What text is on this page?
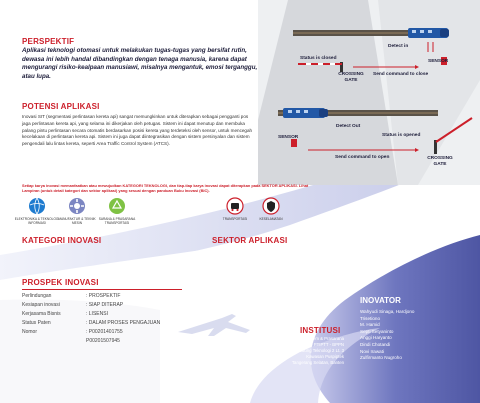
Detect in
Status is closed
SENSOR
CROSSING GATE
Send command to close
Detect Out
SENSOR	Status is opened
Send command to open	CROSSING GATE
PERSPEKTIF
Aplikasi teknologi otomasi untuk melakukan tugas-tugas yang bersifat rutin, dewasa ini lebih handal dibandingkan dengan tenaga manusia, karena dapat mengurangi risiko-kealpaan manusiawi, misalnya mengantuk, emosi terganggu, atau lupa.
POTENSI APLIKASI
Inovasi SIT (segmentasi perlintasan kereta api) sangat memungkinkan untuk diterapkan sebagai pengganti pos jaga perlintasan kereta api, yang selama ini dikerjakan oleh petugas. Sistem ini dapat menutup dan membuka palang pintu perlintasan secara otomatis berdasarkan posisi kereta yang terdeteksi oleh sensor, untuk mencegah kecelakaan di perlintasan kereta api. Sistem ini juga dapat diintegrasikan dengan sistem persinyalan dan sistem pengendali lalu lintas kereta, seperti Area Traffic Control System (ATCS).
Setiap karya inovasi memanfaatkan atau mewujudkan KATEGORI TEKNOLOGI, dan tiap-tiap karya inovasi dapat diterapkan pada SEKTOR APLIKASI. Lihat Lampiran (untuk detail kategori dan sektor aplikasi) yang sesuai dengan panduan Buku Inovasi (BIC).
ELEKTRONIKA & TEKNOLOGI INFORMASI
MANUFAKTUR & TEKNIK MESIN
SARANA & PRASARANA TRANSPORTASI
KATEGORI INOVASI
TRANSPORTASI	KESELAMATAN
SEKTOR APLIKASI
PROSPEK INOVASI
Perlindungan	: PROSPEKTIF
Kesiapan inovasi	: SIAP DITERAP
Kerjasama Bisnis	: LISENSI
Status Paten	: DALAM PROSES PENGAJUAN
Nomor	: P00201401755
P00201507945
INSTITUSI
Pusat Teknologi Sistem & Prasarana
Transportasi (PTSPT) - PTIPTT - BPPN
Gedung Teknologi 2 Lt. 3
Kawasan Puspiptek
Tangerang Selatan, Banten
INOVATOR
Wahyudi Sinaga, Hardjono
Trisetiono
M. Hamid
Septi Setyaninto
Anggi Haryanto
Dindi Chotandi
Novi Irawati
Zulfirmanto Nugroho
